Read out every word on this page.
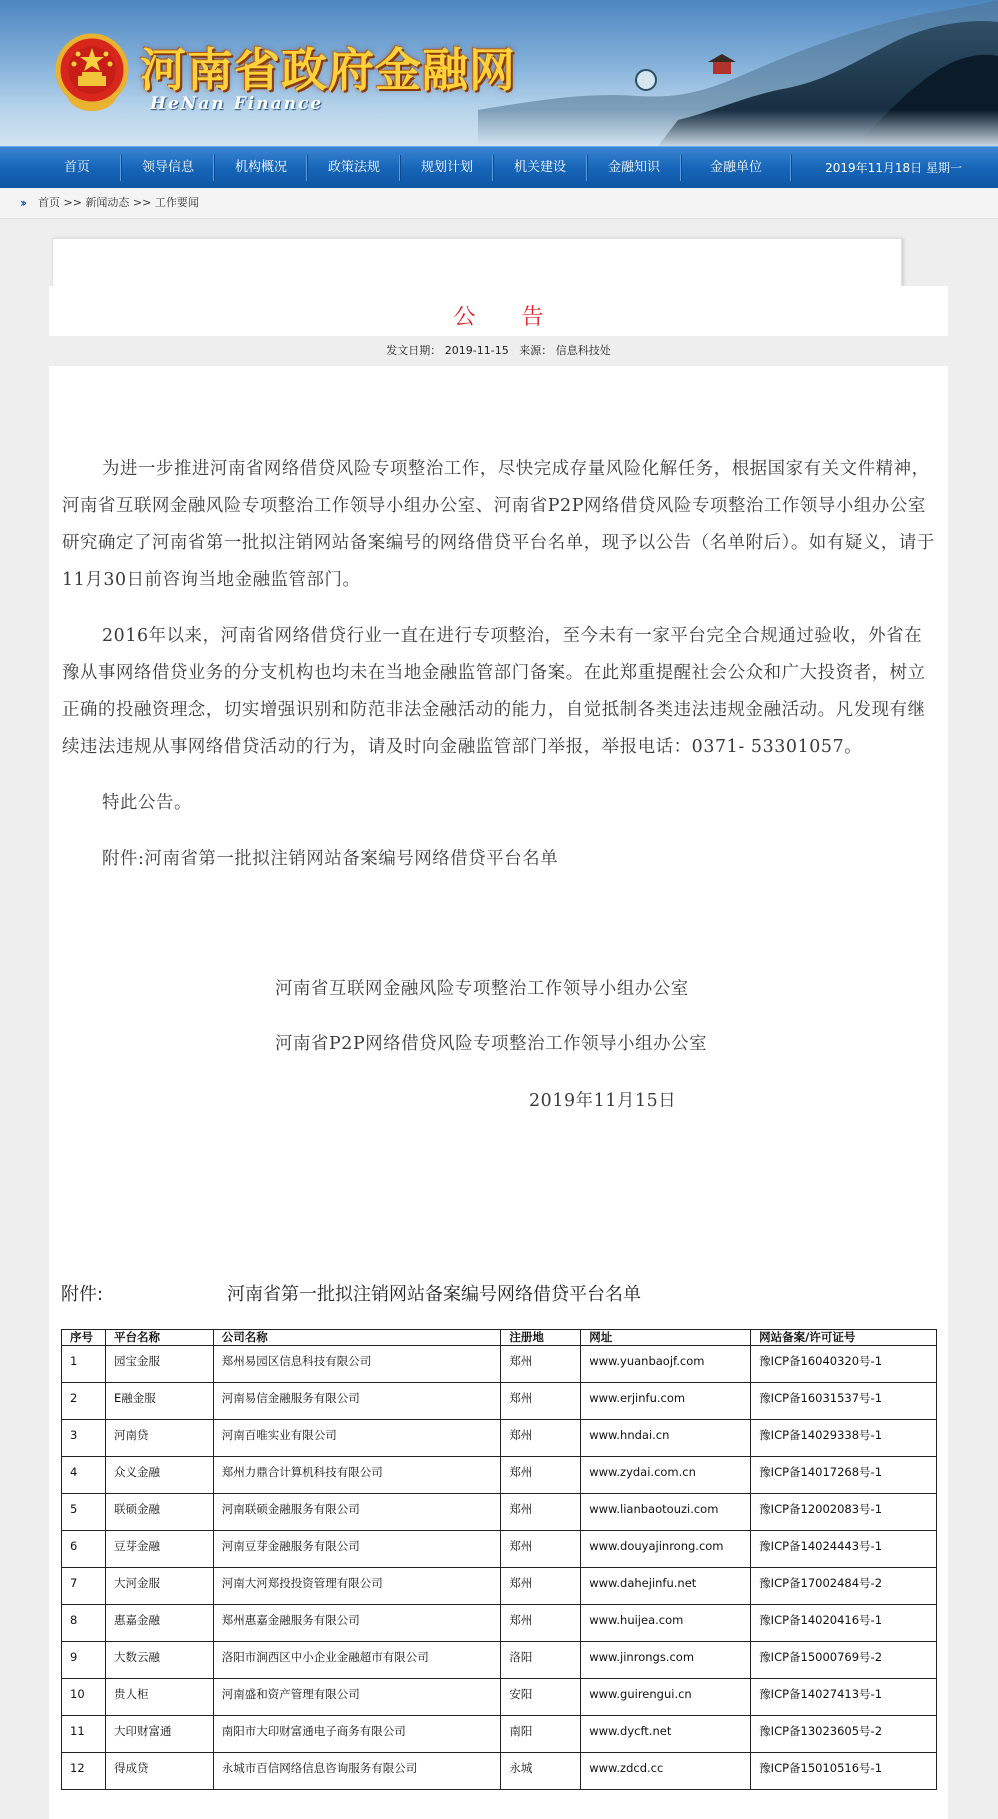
河南省政府金融网
HeNan Finance
首页	领导信息	机构概况	政策法规	规划计划	机关建设	金融知识	金融单位	2019年11月18日 星期一
›› 首页 >> 新闻动态 >> 工作要闻
公告
发文日期： 2019-11-15 来源： 信息科技处

为进一步推进河南省网络借贷风险专项整治工作，尽快完成存量风险化解任务，根据国家有关文件精神，河南省互联网金融风险专项整治工作领导小组办公室、河南省P2P网络借贷风险专项整治工作领导小组办公室研究确定了河南省第一批拟注销网站备案编号的网络借贷平台名单，现予以公告（名单附后）。如有疑义，请于11月30日前咨询当地金融监管部门。

2016年以来，河南省网络借贷行业一直在进行专项整治，至今未有一家平台完全合规通过验收，外省在豫从事网络借贷业务的分支机构也均未在当地金融监管部门备案。在此郑重提醒社会公众和广大投资者，树立正确的投融资理念，切实增强识别和防范非法金融活动的能力，自觉抵制各类违法违规金融活动。凡发现有继续违法违规从事网络借贷活动的行为，请及时向金融监管部门举报，举报电话：0371- 53301057。

特此公告。

附件:河南省第一批拟注销网站备案编号网络借贷平台名单

河南省互联网金融风险专项整治工作领导小组办公室
河南省P2P网络借贷风险专项整治工作领导小组办公室
2019年11月15日
附件:	河南省第一批拟注销网站备案编号网络借贷平台名单
序号	平台名称	公司名称	注册地	网址	网站备案/许可证号
1	园宝金服	郑州易园区信息科技有限公司	郑州	www.yuanbaojf.com	豫ICP备16040320号-1
2	E融金服	河南易信金融服务有限公司	郑州	www.erjinfu.com	豫ICP备16031537号-1
3	河南贷	河南百唯实业有限公司	郑州	www.hndai.cn	豫ICP备14029338号-1
4	众义金融	郑州力鼎合计算机科技有限公司	郑州	www.zydai.com.cn	豫ICP备14017268号-1
5	联硕金融	河南联硕金融服务有限公司	郑州	www.lianbaotouzi.com	豫ICP备12002083号-1
6	豆芽金融	河南豆芽金融服务有限公司	郑州	www.douyajinrong.com	豫ICP备14024443号-1
7	大河金服	河南大河郑投投资管理有限公司	郑州	www.dahejinfu.net	豫ICP备17002484号-2
8	惠嘉金融	郑州惠嘉金融服务有限公司	郑州	www.huijea.com	豫ICP备14020416号-1
9	大数云融	洛阳市涧西区中小企业金融超市有限公司	洛阳	www.jinrongs.com	豫ICP备15000769号-2
10	贵人柜	河南盛和资产管理有限公司	安阳	www.guirengui.cn	豫ICP备14027413号-1
11	大印财富通	南阳市大印财富通电子商务有限公司	南阳	www.dycft.net	豫ICP备13023605号-2
12	得成贷	永城市百信网络信息咨询服务有限公司	永城	www.zdcd.cc	豫ICP备15010516号-1
